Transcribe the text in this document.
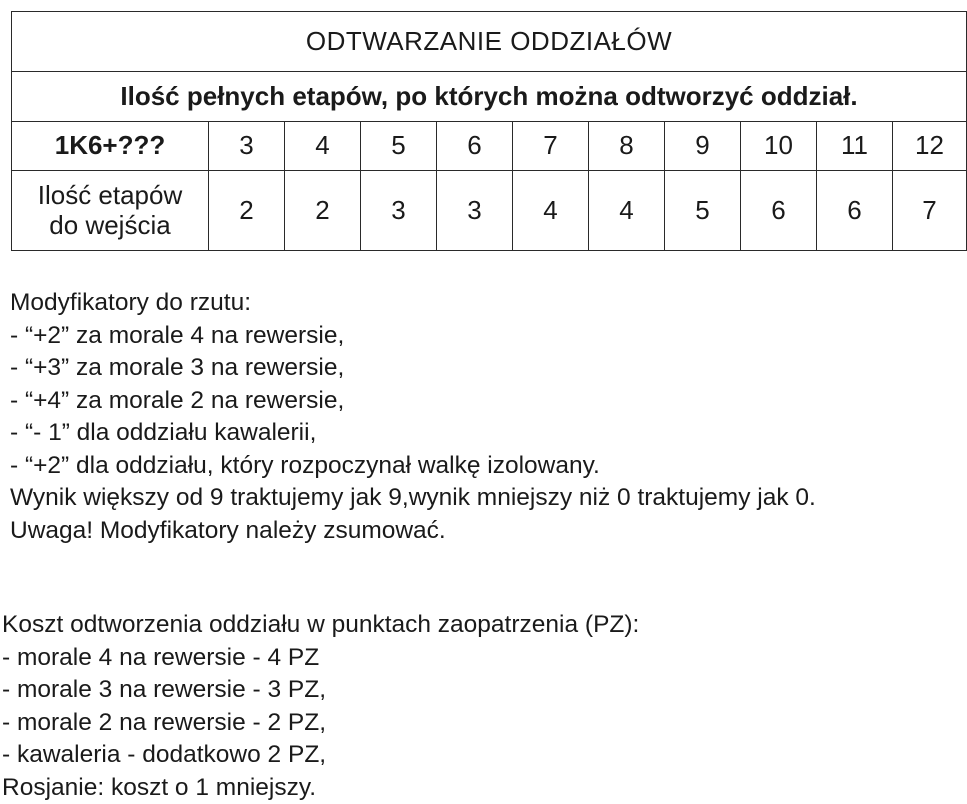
ODTWARZANIE ODDZIAŁÓW										
Ilość pełnych etapów, po których można odtworzyć oddział.										
1K6+???	3	4	5	6	7	8	9	10	11	12

Ilość etapów
do wejścia	2	2	3	3	4	4	5	6	6	7
Modyfikatory do rzutu:
- “+2” za morale 4 na rewersie,
- “+3” za morale 3 na rewersie,
- “+4” za morale 2 na rewersie,
- “- 1” dla oddziału kawalerii,
- “+2” dla oddziału, który rozpoczynał walkę izolowany.
Wynik większy od 9 traktujemy jak 9,wynik mniejszy niż 0 traktujemy jak 0.
Uwaga! Modyfikatory należy zsumować.
Koszt odtworzenia oddziału w punktach zaopatrzenia (PZ):
- morale 4 na rewersie - 4 PZ
- morale 3 na rewersie - 3 PZ,
- morale 2 na rewersie - 2 PZ,
- kawaleria - dodatkowo 2 PZ,
Rosjanie: koszt o 1 mniejszy.
